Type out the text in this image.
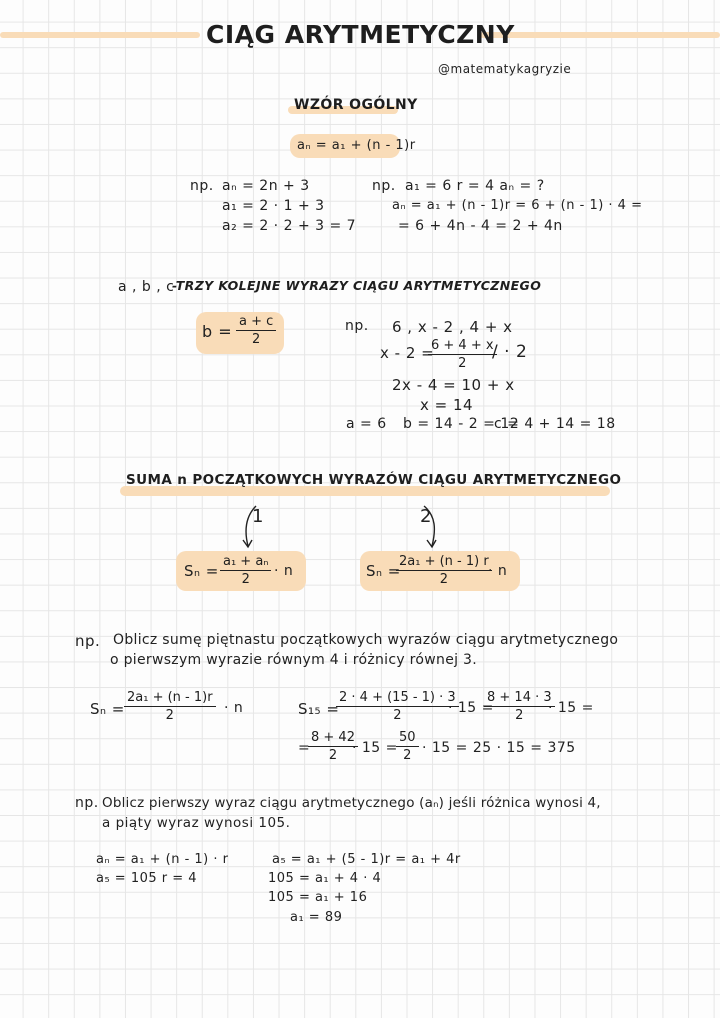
CIĄG ARYTMETYCZNY
@matematykagryzie
WZÓR OGÓLNY
aₙ = a₁ + (n - 1)r
np. aₙ = 2n + 3
a₁ = 2 · 1 + 3
a₂ = 2 · 2 + 3 = 7
np. a₁ = 6 r = 4 aₙ = ?
aₙ = a₁ + (n - 1)r = 6 + (n - 1) · 4 =
= 6 + 4n - 4 = 2 + 4n
a , b , c
-TRZY KOLEJNE WYRAZY CIĄGU ARYTMETYCZNEGO
$b = \frac{a + c}{2}$	np. 6 , x - 2 , 4 + x
x - 2 =
$\frac{6 + 4 + x}{2}$
/ · 2
2x - 4 = 10 + x
x = 14
a = 6 b = 14 - 2 = 12
c = 4 + 14 = 18
SUMA n POCZĄTKOWYCH WYRAZÓW CIĄGU ARYTMETYCZNEGO
1	2
$S_n = \frac{\text{a₁ + aₙ}}{2} \cdot n$	Sₙ =
$\frac{\text{2a₁ + (n - 1) r}}{2}$
· n
np. Oblicz sumę piętnastu początkowych wyrazów ciągu arytmetycznego
o pierwszym wyrazie równym 4 i różnicy równej 3.
$S_n = \frac{\text{2a₁ + (n - 1)r}}{2} \cdot n$	S₁₅ =
$\frac{2 \cdot 4 + (15 - 1) \cdot 3}{2}$
· 15 =
$\frac{8 + 14 \cdot 3}{2}$
· 15 =
=
$\frac{8 + 42}{2}$
· 15 =
$\frac{50}{2} \cdot 15 = 25 \cdot 15 = 375$
np. Oblicz pierwszy wyraz ciągu arytmetycznego (aₙ) jeśli różnica wynosi 4,
a piąty wyraz wynosi 105.
aₙ = a₁ + (n - 1) · r
a₅ = 105 r = 4
a₅ = a₁ + (5 - 1)r = a₁ + 4r
105 = a₁ + 4 · 4
105 = a₁ + 16
a₁ = 89
